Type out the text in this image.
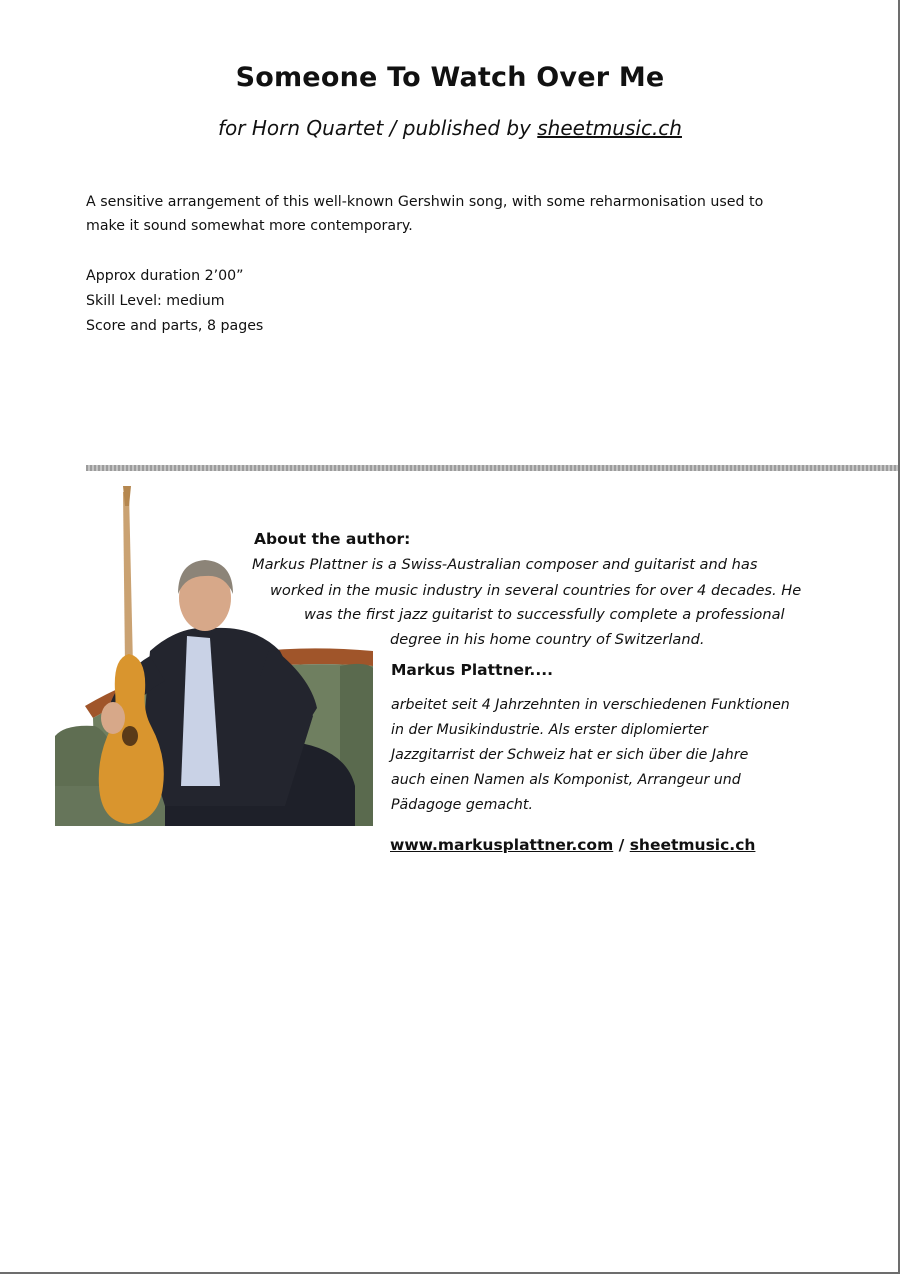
Someone To Watch Over Me
for Horn Quartet / published by sheetmusic.ch
A sensitive arrangement of this well-known Gershwin song, with some reharmonisation used to
make it sound somewhat more contemporary.
Approx duration 2’00”
Skill Level: medium
Score and parts, 8 pages
About the author:
Markus Plattner is a Swiss-Australian composer and guitarist and has
worked in the music industry in several countries for over 4 decades. He
was the first jazz guitarist to successfully complete a professional
degree in his home country of Switzerland.
Markus Plattner....
arbeitet seit 4 Jahrzehnten in verschiedenen Funktionen
in der Musikindustrie. Als erster diplomierter
Jazzgitarrist der Schweiz hat er sich über die Jahre
auch einen Namen als Komponist, Arrangeur und
Pädagoge gemacht.
www.markusplattner.com / sheetmusic.ch
